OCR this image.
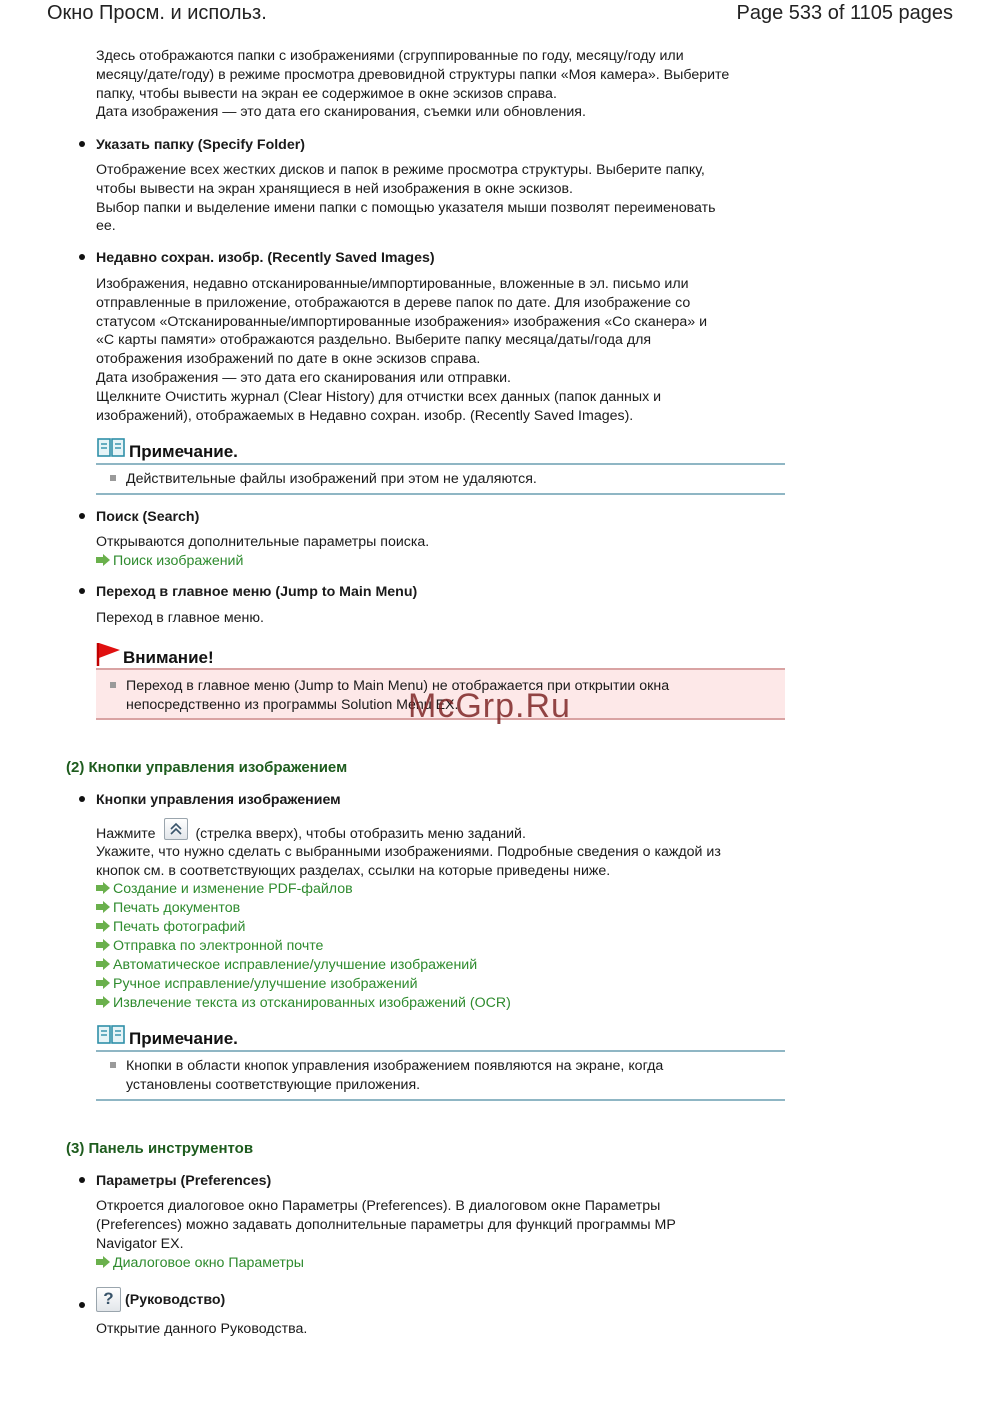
Окно Просм. и использ.	Page 533 of 1105 pages
Здесь отображаются папки с изображениями (сгруппированные по году, месяцу/году или
месяцу/дате/году) в режиме просмотра древовидной структуры папки «Моя камера». Выберите
папку, чтобы вывести на экран ее содержимое в окне эскизов справа.
Дата изображения — это дата его сканирования, съемки или обновления.
Указать папку (Specify Folder)
Отображение всех жестких дисков и папок в режиме просмотра структуры. Выберите папку,
чтобы вывести на экран хранящиеся в ней изображения в окне эскизов.
Выбор папки и выделение имени папки с помощью указателя мыши позволят переименовать
ее.
Недавно сохран. изобр. (Recently Saved Images)
Изображения, недавно отсканированные/импортированные, вложенные в эл. письмо или
отправленные в приложение, отображаются в дереве папок по дате. Для изображение со
статусом «Отсканированные/импортированные изображения» изображения «Со сканера» и
«С карты памяти» отображаются раздельно. Выберите папку месяца/даты/года для
отображения изображений по дате в окне эскизов справа.
Дата изображения — это дата его сканирования или отправки.
Щелкните Очистить журнал (Clear History) для отчистки всех данных (папок данных и
изображений), отображаемых в Недавно сохран. изобр. (Recently Saved Images).
Примечание.
Действительные файлы изображений при этом не удаляются.
Поиск (Search)
Открываются дополнительные параметры поиска.
Поиск изображений
Переход в главное меню (Jump to Main Menu)
Переход в главное меню.
Внимание!
Переход в главное меню (Jump to Main Menu) не отображается при открытии окна
непосредственно из программы Solution Menu EX.
McGrp.Ru
(2) Кнопки управления изображением
Кнопки управления изображением
Нажмите	(стрелка вверх), чтобы отобразить меню заданий.
Укажите, что нужно сделать с выбранными изображениями. Подробные сведения о каждой из
кнопок см. в соответствующих разделах, ссылки на которые приведены ниже.
Создание и изменение PDF-файлов
Печать документов
Печать фотографий
Отправка по электронной почте
Автоматическое исправление/улучшение изображений
Ручное исправление/улучшение изображений
Извлечение текста из отсканированных изображений (OCR)
Примечание.
Кнопки в области кнопок управления изображением появляются на экране, когда
установлены соответствующие приложения.
(3) Панель инструментов
Параметры (Preferences)
Откроется диалоговое окно Параметры (Preferences). В диалоговом окне Параметры
(Preferences) можно задавать дополнительные параметры для функций программы MP
Navigator EX.
Диалоговое окно Параметры
? (Руководство)
Открытие данного Руководства.
